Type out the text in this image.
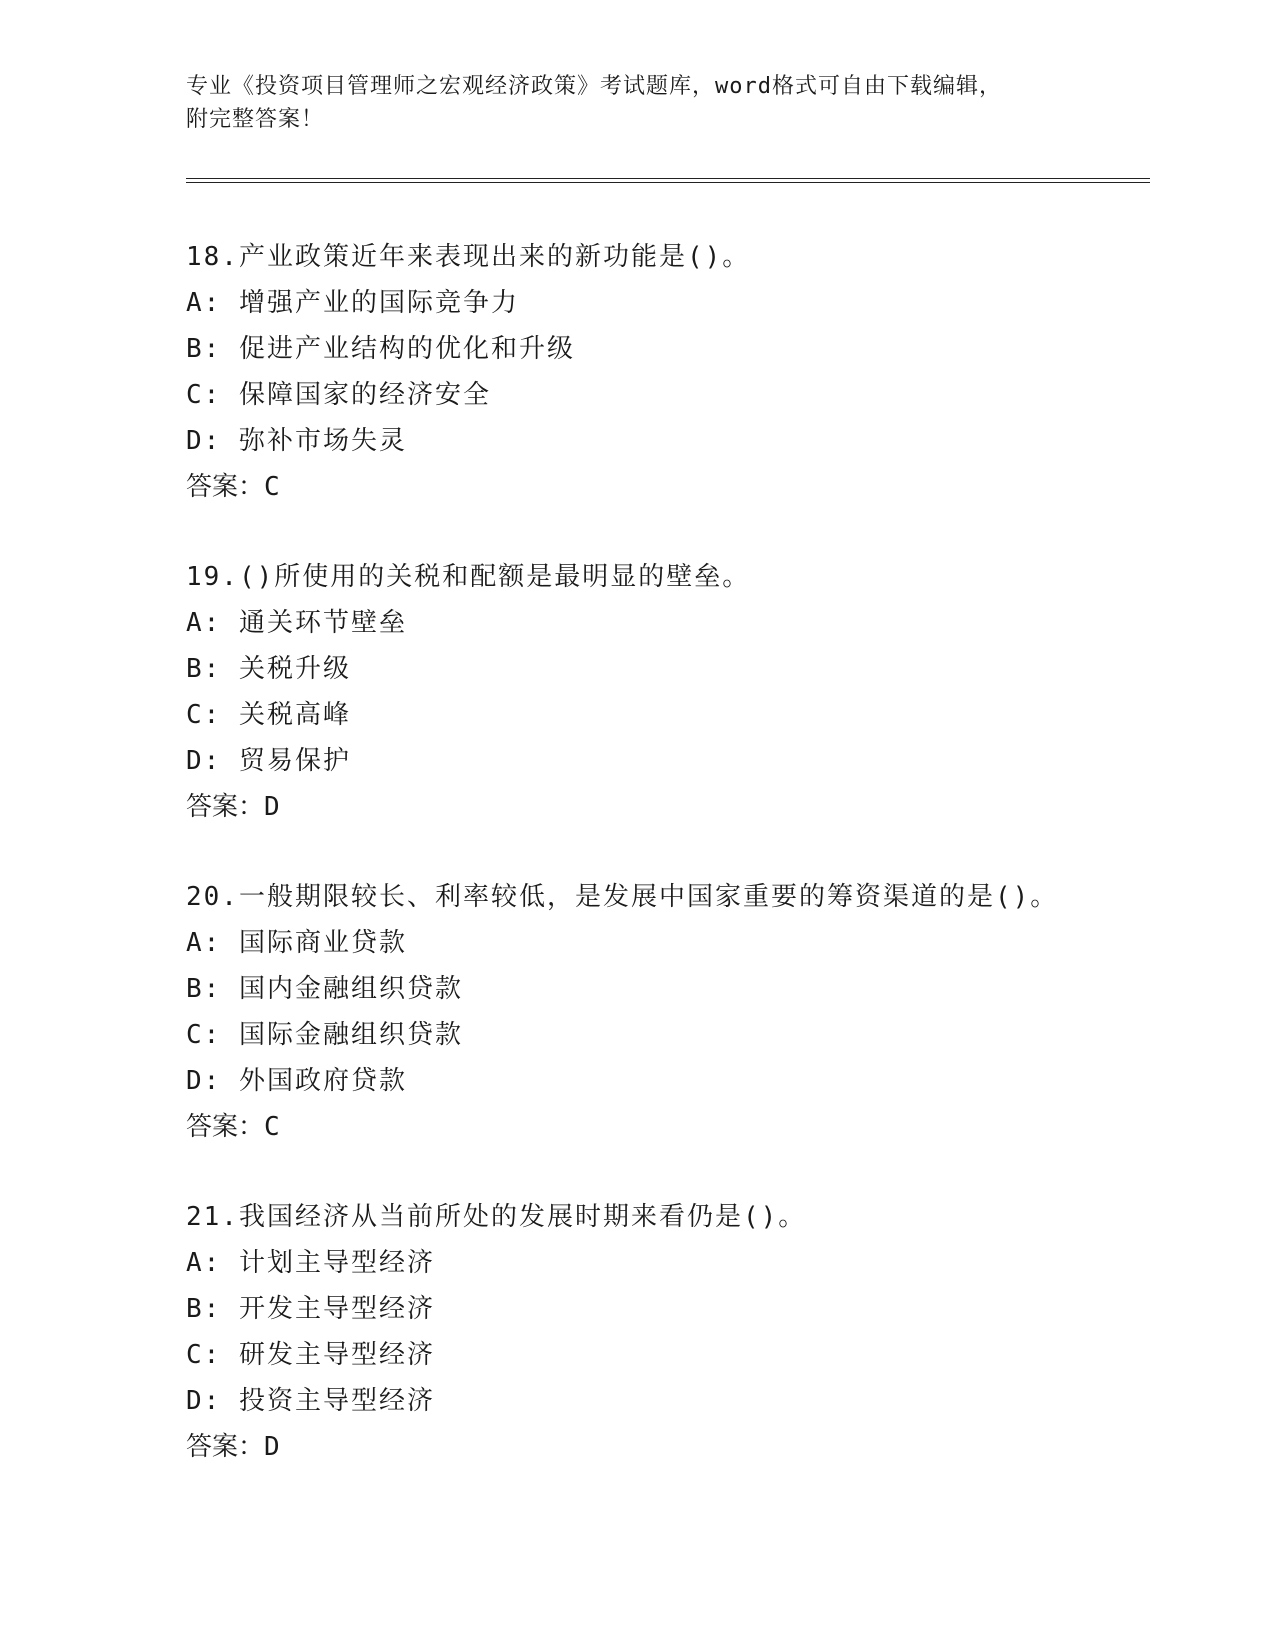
专业《投资项目管理师之宏观经济政策》考试题库，word格式可自由下载编辑，
附完整答案！
18.产业政策近年来表现出来的新功能是()。
A: 增强产业的国际竞争力
B: 促进产业结构的优化和升级
C: 保障国家的经济安全
D: 弥补市场失灵
答案：C
19.()所使用的关税和配额是最明显的壁垒。
A: 通关环节壁垒
B: 关税升级
C: 关税高峰
D: 贸易保护
答案：D
20.一般期限较长、利率较低，是发展中国家重要的筹资渠道的是()。
A: 国际商业贷款
B: 国内金融组织贷款
C: 国际金融组织贷款
D: 外国政府贷款
答案：C
21.我国经济从当前所处的发展时期来看仍是()。
A: 计划主导型经济
B: 开发主导型经济
C: 研发主导型经济
D: 投资主导型经济
答案：D
